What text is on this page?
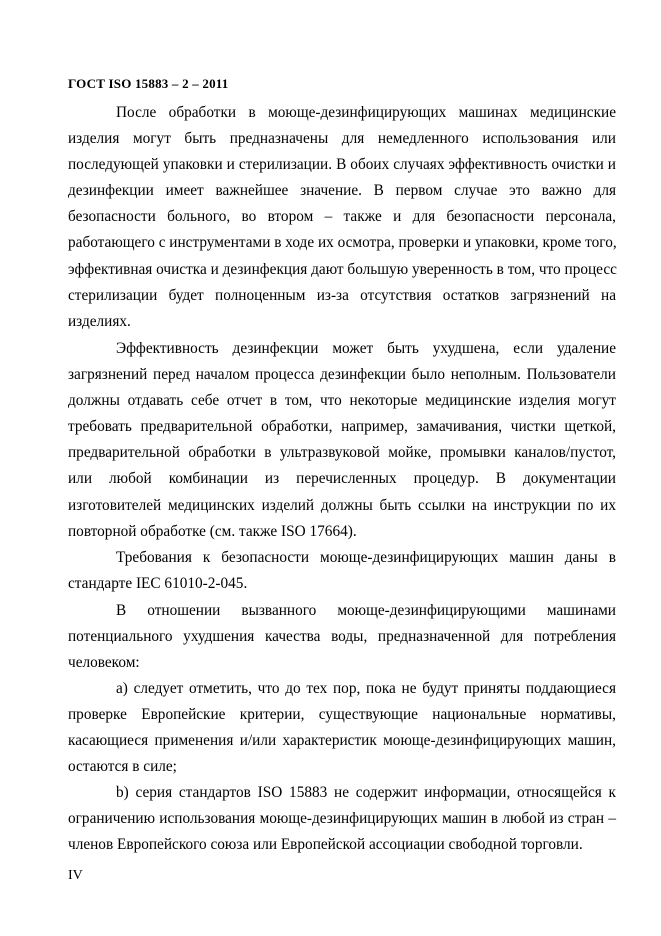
ГОСТ ISO 15883 – 2 – 2011
После обработки в моюще-дезинфицирующих машинах медицинские
изделия могут быть предназначены для немедленного использования или
последующей упаковки и стерилизации. В обоих случаях эффективность очистки и
дезинфекции имеет важнейшее значение. В первом случае это важно для
безопасности больного, во втором – также и для безопасности персонала,
работающего с инструментами в ходе их осмотра, проверки и упаковки, кроме того,
эффективная очистка и дезинфекция дают большую уверенность в том, что процесс
стерилизации будет полноценным из-за отсутствия остатков загрязнений на
изделиях.
Эффективность дезинфекции может быть ухудшена, если удаление
загрязнений перед началом процесса дезинфекции было неполным. Пользователи
должны отдавать себе отчет в том, что некоторые медицинские изделия могут
требовать предварительной обработки, например, замачивания, чистки щеткой,
предварительной обработки в ультразвуковой мойке, промывки каналов/пустот,
или любой комбинации из перечисленных процедур. В документации
изготовителей медицинских изделий должны быть ссылки на инструкции по их
повторной обработке (см. также ISO 17664).
Требования к безопасности моюще-дезинфицирующих машин даны в
стандарте IEC 61010-2-045.
В отношении вызванного моюще-дезинфицирующими машинами
потенциального ухудшения качества воды, предназначенной для потребления
человеком:
а) следует отметить, что до тех пор, пока не будут приняты поддающиеся
проверке Европейские критерии, существующие национальные нормативы,
касающиеся применения и/или характеристик моюще-дезинфицирующих машин,
остаются в силе;
b) серия стандартов ISO 15883 не содержит информации, относящейся к
ограничению использования моюще-дезинфицирующих машин в любой из стран –
членов Европейского союза или Европейской ассоциации свободной торговли.
IV
